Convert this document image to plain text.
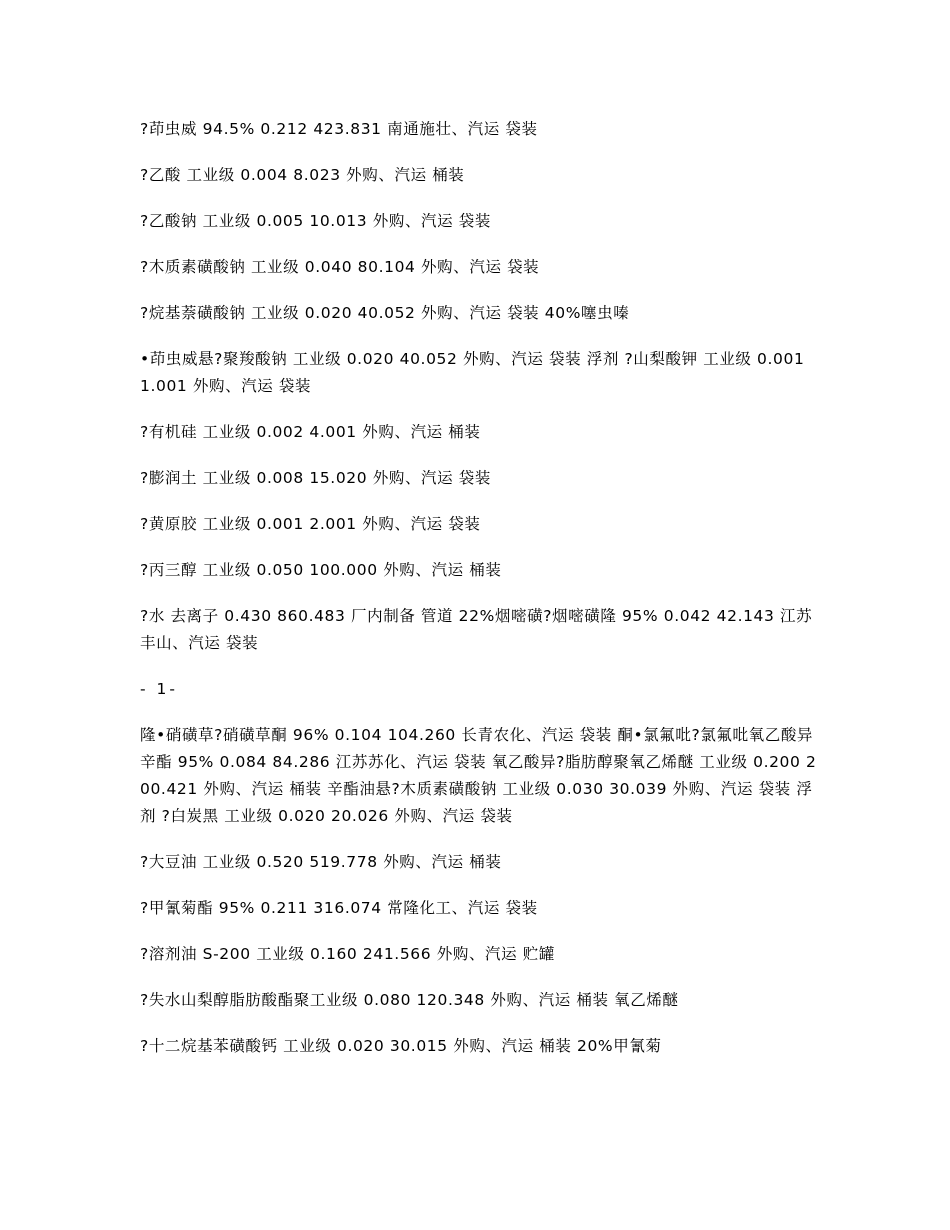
?茚虫威 94.5% 0.212 423.831 南通施壮、汽运 袋装

?乙酸 工业级 0.004 8.023 外购、汽运 桶装

?乙酸钠 工业级 0.005 10.013 外购、汽运 袋装

?木质素磺酸钠 工业级 0.040 80.104 外购、汽运 袋装

?烷基萘磺酸钠 工业级 0.020 40.052 外购、汽运 袋装 40%噻虫嗪

•茚虫威悬?聚羧酸钠 工业级 0.020 40.052 外购、汽运 袋装 浮剂 ?山梨酸钾 工业级 0.001 1.001 外购、汽运 袋装

?有机硅 工业级 0.002 4.001 外购、汽运 桶装

?膨润土 工业级 0.008 15.020 外购、汽运 袋装

?黄原胶 工业级 0.001 2.001 外购、汽运 袋装

?丙三醇 工业级 0.050 100.000 外购、汽运 桶装

?水 去离子 0.430 860.483 厂内制备 管道 22%烟嘧磺?烟嘧磺隆 95% 0.042 42.143 江苏丰山、汽运 袋装

- 1-

隆•硝磺草?硝磺草酮 96% 0.104 104.260 长青农化、汽运 袋装 酮•氯氟吡?氯氟吡氧乙酸异辛酯 95% 0.084 84.286 江苏苏化、汽运 袋装 氧乙酸异?脂肪醇聚氧乙烯醚 工业级 0.200 200.421 外购、汽运 桶装 辛酯油悬?木质素磺酸钠 工业级 0.030 30.039 外购、汽运 袋装 浮剂 ?白炭黑 工业级 0.020 20.026 外购、汽运 袋装

?大豆油 工业级 0.520 519.778 外购、汽运 桶装

?甲氰菊酯 95% 0.211 316.074 常隆化工、汽运 袋装

?溶剂油 S-200 工业级 0.160 241.566 外购、汽运 贮罐

?失水山梨醇脂肪酸酯聚工业级 0.080 120.348 外购、汽运 桶装 氧乙烯醚

?十二烷基苯磺酸钙 工业级 0.020 30.015 外购、汽运 桶装 20%甲氰菊
